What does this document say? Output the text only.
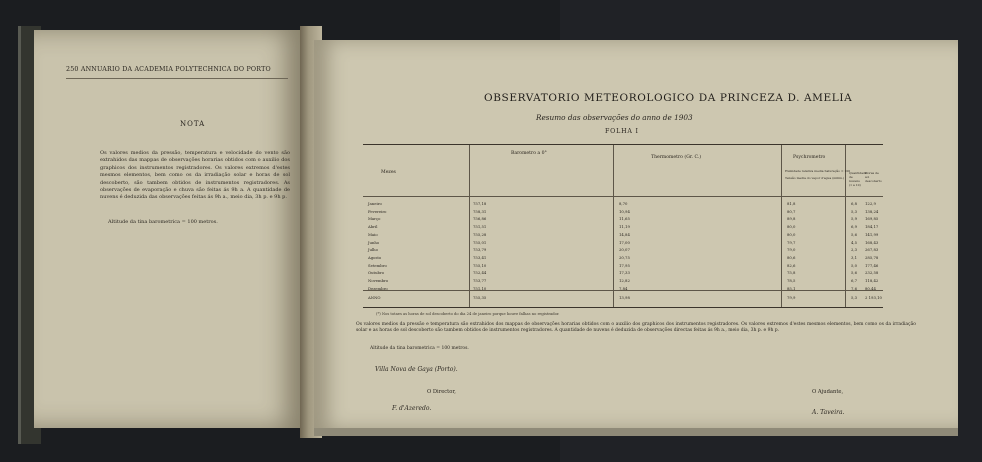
250 ANNUARIO DA ACADEMIA POLYTECHNICA DO PORTO
NOTA
Os valores medios da pressão, temperatura e velocidade do vento são extrahidos das mappas de observações horarias obtidos com o auxilio dos graphicos dos instrumentos registradores. Os valores extremos d'estes mesmos elementos, bem como os da irradiação solar e horas de sol descoberto, são tambem obtidos de instrumentos registradores. As observações de evaporação e chuva são feitas ás 9h a. A quantidade de nuvens é deduzida das observações feitas ás 9h a., meio dia, 3h p. e 9h p.
Altitude da tina barometrica = 100 metros.
OBSERVATORIO METEOROLOGICO DA PRINCEZA D. AMELIA
Resumo das observações do anno de 1903
FOLHA I
Mezes
Barometro a 0°
Thermometro (Gr. C.)	Psychrometro
Humidade relativa media Saturação = 100
Tensão media do vapor d'agua (milim.)
Quantidade de nuvens (1 a 10)
Horas de sol descoberto
Janeiro
Fevereiro
Março
Abril
Maio
Junho
Julho
Agosto
Setembro
Outubro
Novembro
Dezembro
ANNO
757,18
758,31
756,86
751,51
755,28
755,01
753,79
753,41
755,10
752,44
753,77
751,10
755,35
8,70
10,94
11,65
11,19
14,84
17,00
20,07
20,75
17,95
17,33
12,82
7,84
13,98
81,8
80,7
89,8
80,0
80,0
79,7
79,0
80,6
82,6
75,8
78,5
85,1
79,9
6,8
5,3
5,9
6,9
5,6
4,5
2,3
3,1
5,0
5,6
6,7
7,6
5,3
122,9
138,24
169,85
184,17
141,99
168,43
267,83
285,78
177,46
232,58
118,42
80,44
2 193,10
(*) Nos totaes as horas de sol descoberto do dia 24 de janeiro porque houve falhas no registrador.
Os valores medios da pressão e temperatura são extrahidos dos mappas de observações horarias obtidos com o auxilio dos graphicos dos instrumentos registradores. Os valores extremos d'estes mesmos elementos, bem como os da irradiação solar e as horas de sol descoberto são tambem obtidos de instrumentos registradores. A quantidade de nuvens é deduzida de observações directas feitas ás 9h a., meio dia, 3h p. e 9h p.
Altitude da tina barometrica = 100 metros.
Villa Nova de Gaya (Porto).
O Director,
F. d'Azeredo.
O Ajudante,
A. Taveira.
